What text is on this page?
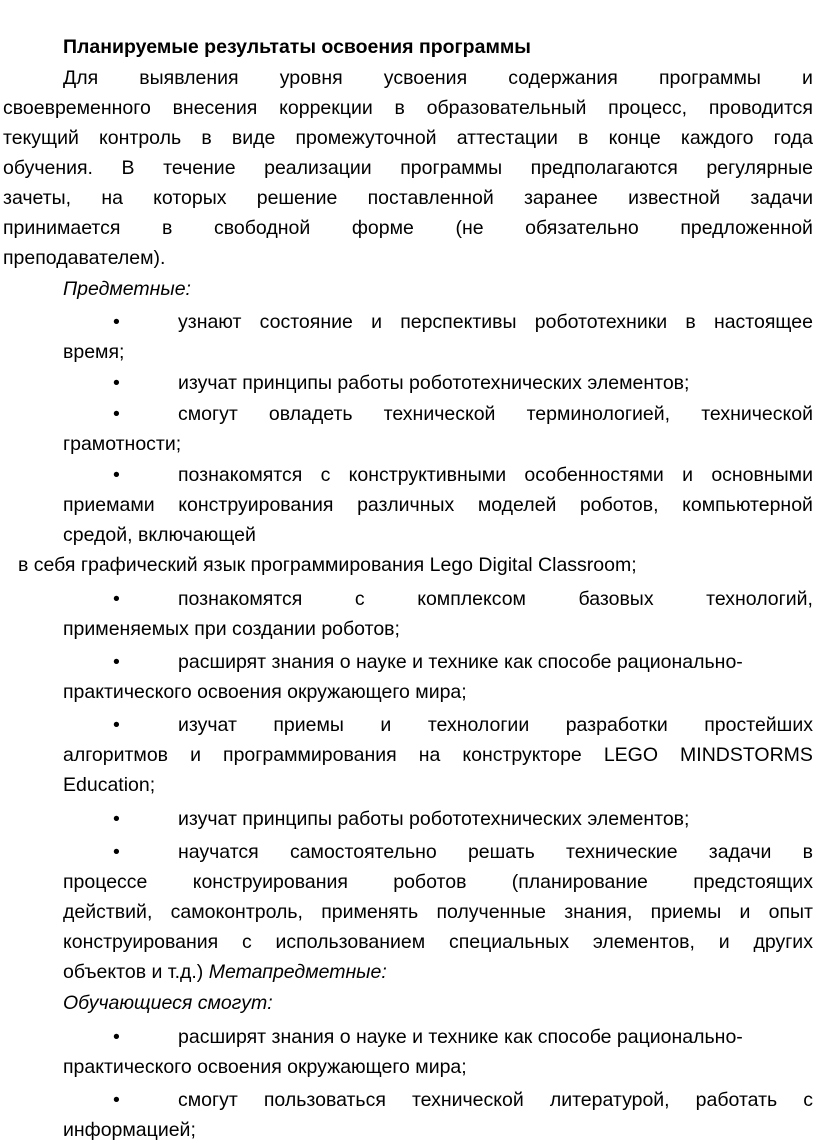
Планируемые результаты освоения программы
Для выявления уровня усвоения содержания программы и
своевременного внесения коррекции в образовательный процесс, проводится
текущий контроль в виде промежуточной аттестации в конце каждого года
обучения. В течение реализации программы предполагаются регулярные
зачеты, на которых решение поставленной заранее известной задачи
принимается в свободной форме (не обязательно предложенной
преподавателем).
Предметные:
•	узнают состояние и перспективы робототехники в настоящее
время;
•	изучат принципы работы робототехнических элементов;
•	смогут овладеть технической терминологией, технической
грамотности;
•	познакомятся с конструктивными особенностями и основными
приемами конструирования различных моделей роботов, компьютерной
средой, включающей
в себя графический язык программирования Lego Digital Classroom;
•	познакомятся	с	комплексом	базовых	технологий,
применяемых при создании роботов;
•	расширят знания о науке и технике как способе рационально-
практического освоения окружающего мира;
•	изучат приемы и технологии разработки простейших
алгоритмов и программирования на конструкторе LEGO MINDSTORMS
Education;
•	изучат принципы работы робототехнических элементов;
•	научатся самостоятельно решать технические задачи в
процессе конструирования роботов (планирование предстоящих
действий, самоконтроль, применять полученные знания, приемы и опыт
конструирования с использованием специальных элементов, и других
объектов и т.д.) Метапредметные:
Обучающиеся смогут:
•	расширят знания о науке и технике как способе рационально-
практического освоения окружающего мира;
•	смогут пользоваться технической литературой, работать с
информацией;
